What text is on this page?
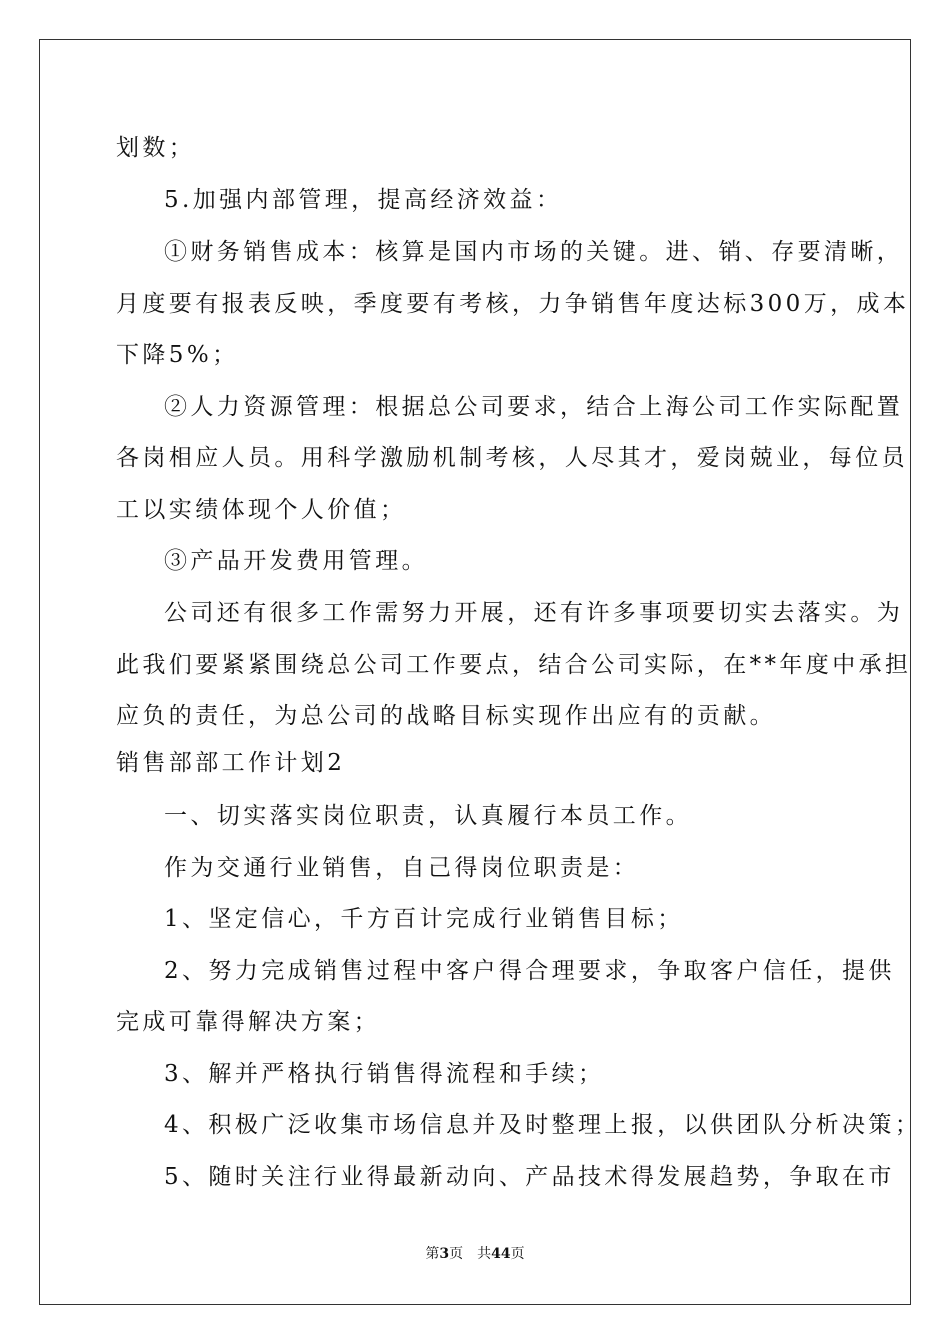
划数；
5.加强内部管理，提高经济效益：
①财务销售成本：核算是国内市场的关键。进、销、存要清晰，
月度要有报表反映，季度要有考核，力争销售年度达标300万，成本
下降5%；
②人力资源管理：根据总公司要求，结合上海公司工作实际配置
各岗相应人员。用科学激励机制考核，人尽其才，爱岗兢业，每位员
工以实绩体现个人价值；
③产品开发费用管理。
公司还有很多工作需努力开展，还有许多事项要切实去落实。为
此我们要紧紧围绕总公司工作要点，结合公司实际，在**年度中承担
应负的责任，为总公司的战略目标实现作出应有的贡献。
销售部部工作计划2
一、切实落实岗位职责，认真履行本员工作。
作为交通行业销售，自己得岗位职责是：
1、坚定信心，千方百计完成行业销售目标；
2、努力完成销售过程中客户得合理要求，争取客户信任，提供
完成可靠得解决方案；
3、解并严格执行销售得流程和手续；
4、积极广泛收集市场信息并及时整理上报，以供团队分析决策；
5、随时关注行业得最新动向、产品技术得发展趋势，争取在市
第3页 共44页
